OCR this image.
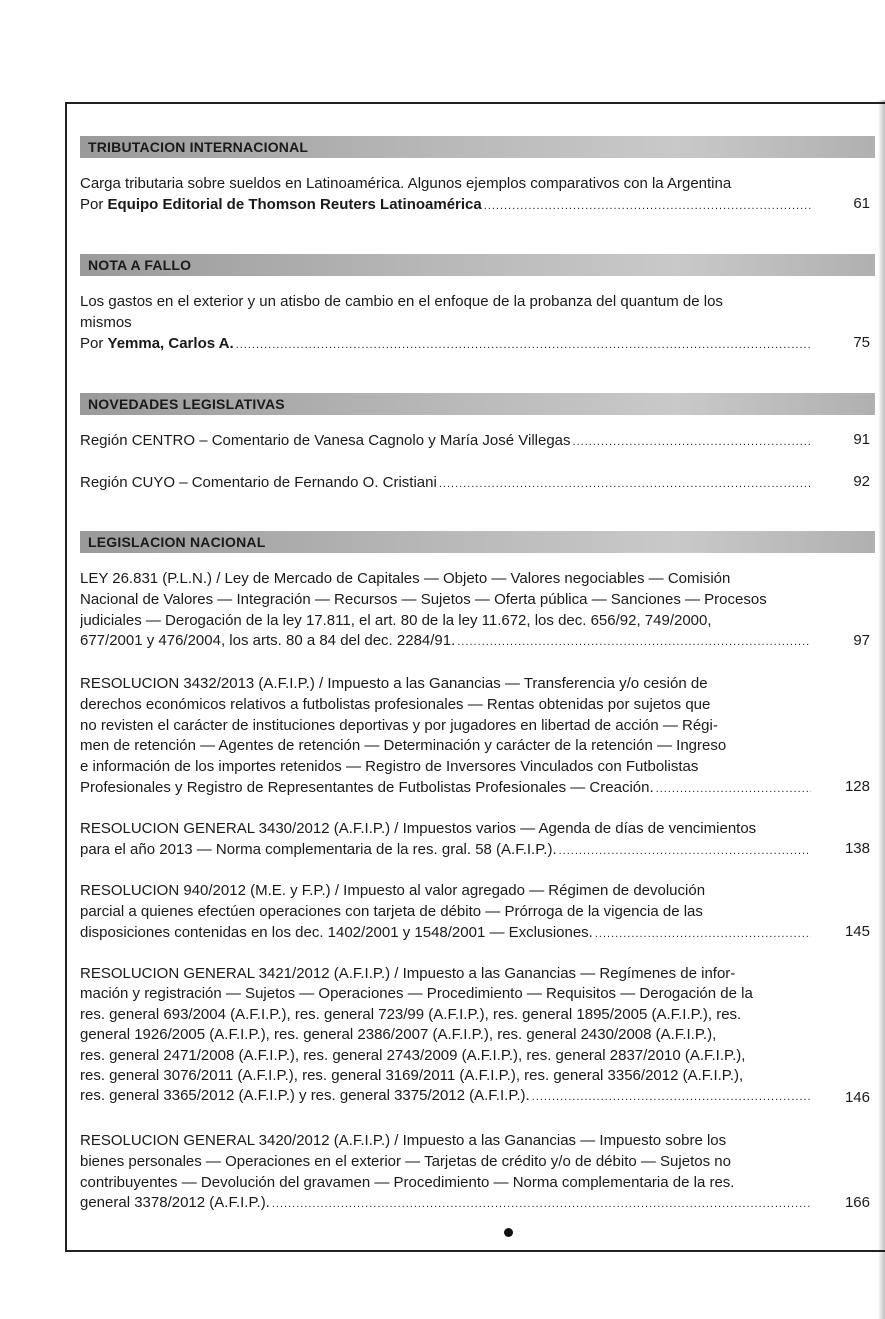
TRIBUTACION INTERNACIONAL
Carga tributaria sobre sueldos en Latinoamérica. Algunos ejemplos comparativos con la Argentina
Por Equipo Editorial de Thomson Reuters Latinoamérica .....	61
NOTA A FALLO
Los gastos en el exterior y un atisbo de cambio en el enfoque de la probanza del quantum de los
mismos
Por Yemma, Carlos A. .....	75
NOVEDADES LEGISLATIVAS
Región CENTRO – Comentario de Vanesa Cagnolo y María José Villegas .....	91
Región CUYO – Comentario de Fernando O. Cristiani .....	92
LEGISLACION NACIONAL
LEY 26.831 (P.L.N.) / Ley de Mercado de Capitales — Objeto — Valores negociables — Comisión
Nacional de Valores — Integración — Recursos — Sujetos — Oferta pública — Sanciones — Procesos
judiciales — Derogación de la ley 17.811, el art. 80 de la ley 11.672, los dec. 656/92, 749/2000,
677/2001 y 476/2004, los arts. 80 a 84 del dec. 2284/91. .....	97
RESOLUCION 3432/2013 (A.F.I.P.) / Impuesto a las Ganancias — Transferencia y/o cesión de
derechos económicos relativos a futbolistas profesionales — Rentas obtenidas por sujetos que
no revisten el carácter de instituciones deportivas y por jugadores en libertad de acción — Régi-
men de retención — Agentes de retención — Determinación y carácter de la retención — Ingreso
e información de los importes retenidos — Registro de Inversores Vinculados con Futbolistas
Profesionales y Registro de Representantes de Futbolistas Profesionales — Creación. .....	128
RESOLUCION GENERAL 3430/2012 (A.F.I.P.) / Impuestos varios — Agenda de días de vencimientos
para el año 2013 — Norma complementaria de la res. gral. 58 (A.F.I.P.). .....	138
RESOLUCION 940/2012 (M.E. y F.P.) / Impuesto al valor agregado — Régimen de devolución
parcial a quienes efectúen operaciones con tarjeta de débito — Prórroga de la vigencia de las
disposiciones contenidas en los dec. 1402/2001 y 1548/2001 — Exclusiones. .....	145
RESOLUCION GENERAL 3421/2012 (A.F.I.P.) / Impuesto a las Ganancias — Regímenes de infor-
mación y registración — Sujetos — Operaciones — Procedimiento — Requisitos — Derogación de la
res. general 693/2004 (A.F.I.P.), res. general 723/99 (A.F.I.P.), res. general 1895/2005 (A.F.I.P.), res.
general 1926/2005 (A.F.I.P.), res. general 2386/2007 (A.F.I.P.), res. general 2430/2008 (A.F.I.P.),
res. general 2471/2008 (A.F.I.P.), res. general 2743/2009 (A.F.I.P.), res. general 2837/2010 (A.F.I.P.),
res. general 3076/2011 (A.F.I.P.), res. general 3169/2011 (A.F.I.P.), res. general 3356/2012 (A.F.I.P.),
res. general 3365/2012 (A.F.I.P.) y res. general 3375/2012 (A.F.I.P.). .....	146
RESOLUCION GENERAL 3420/2012 (A.F.I.P.) / Impuesto a las Ganancias — Impuesto sobre los
bienes personales — Operaciones en el exterior — Tarjetas de crédito y/o de débito — Sujetos no
contribuyentes — Devolución del gravamen — Procedimiento — Norma complementaria de la res.
general 3378/2012 (A.F.I.P.). .....	166
